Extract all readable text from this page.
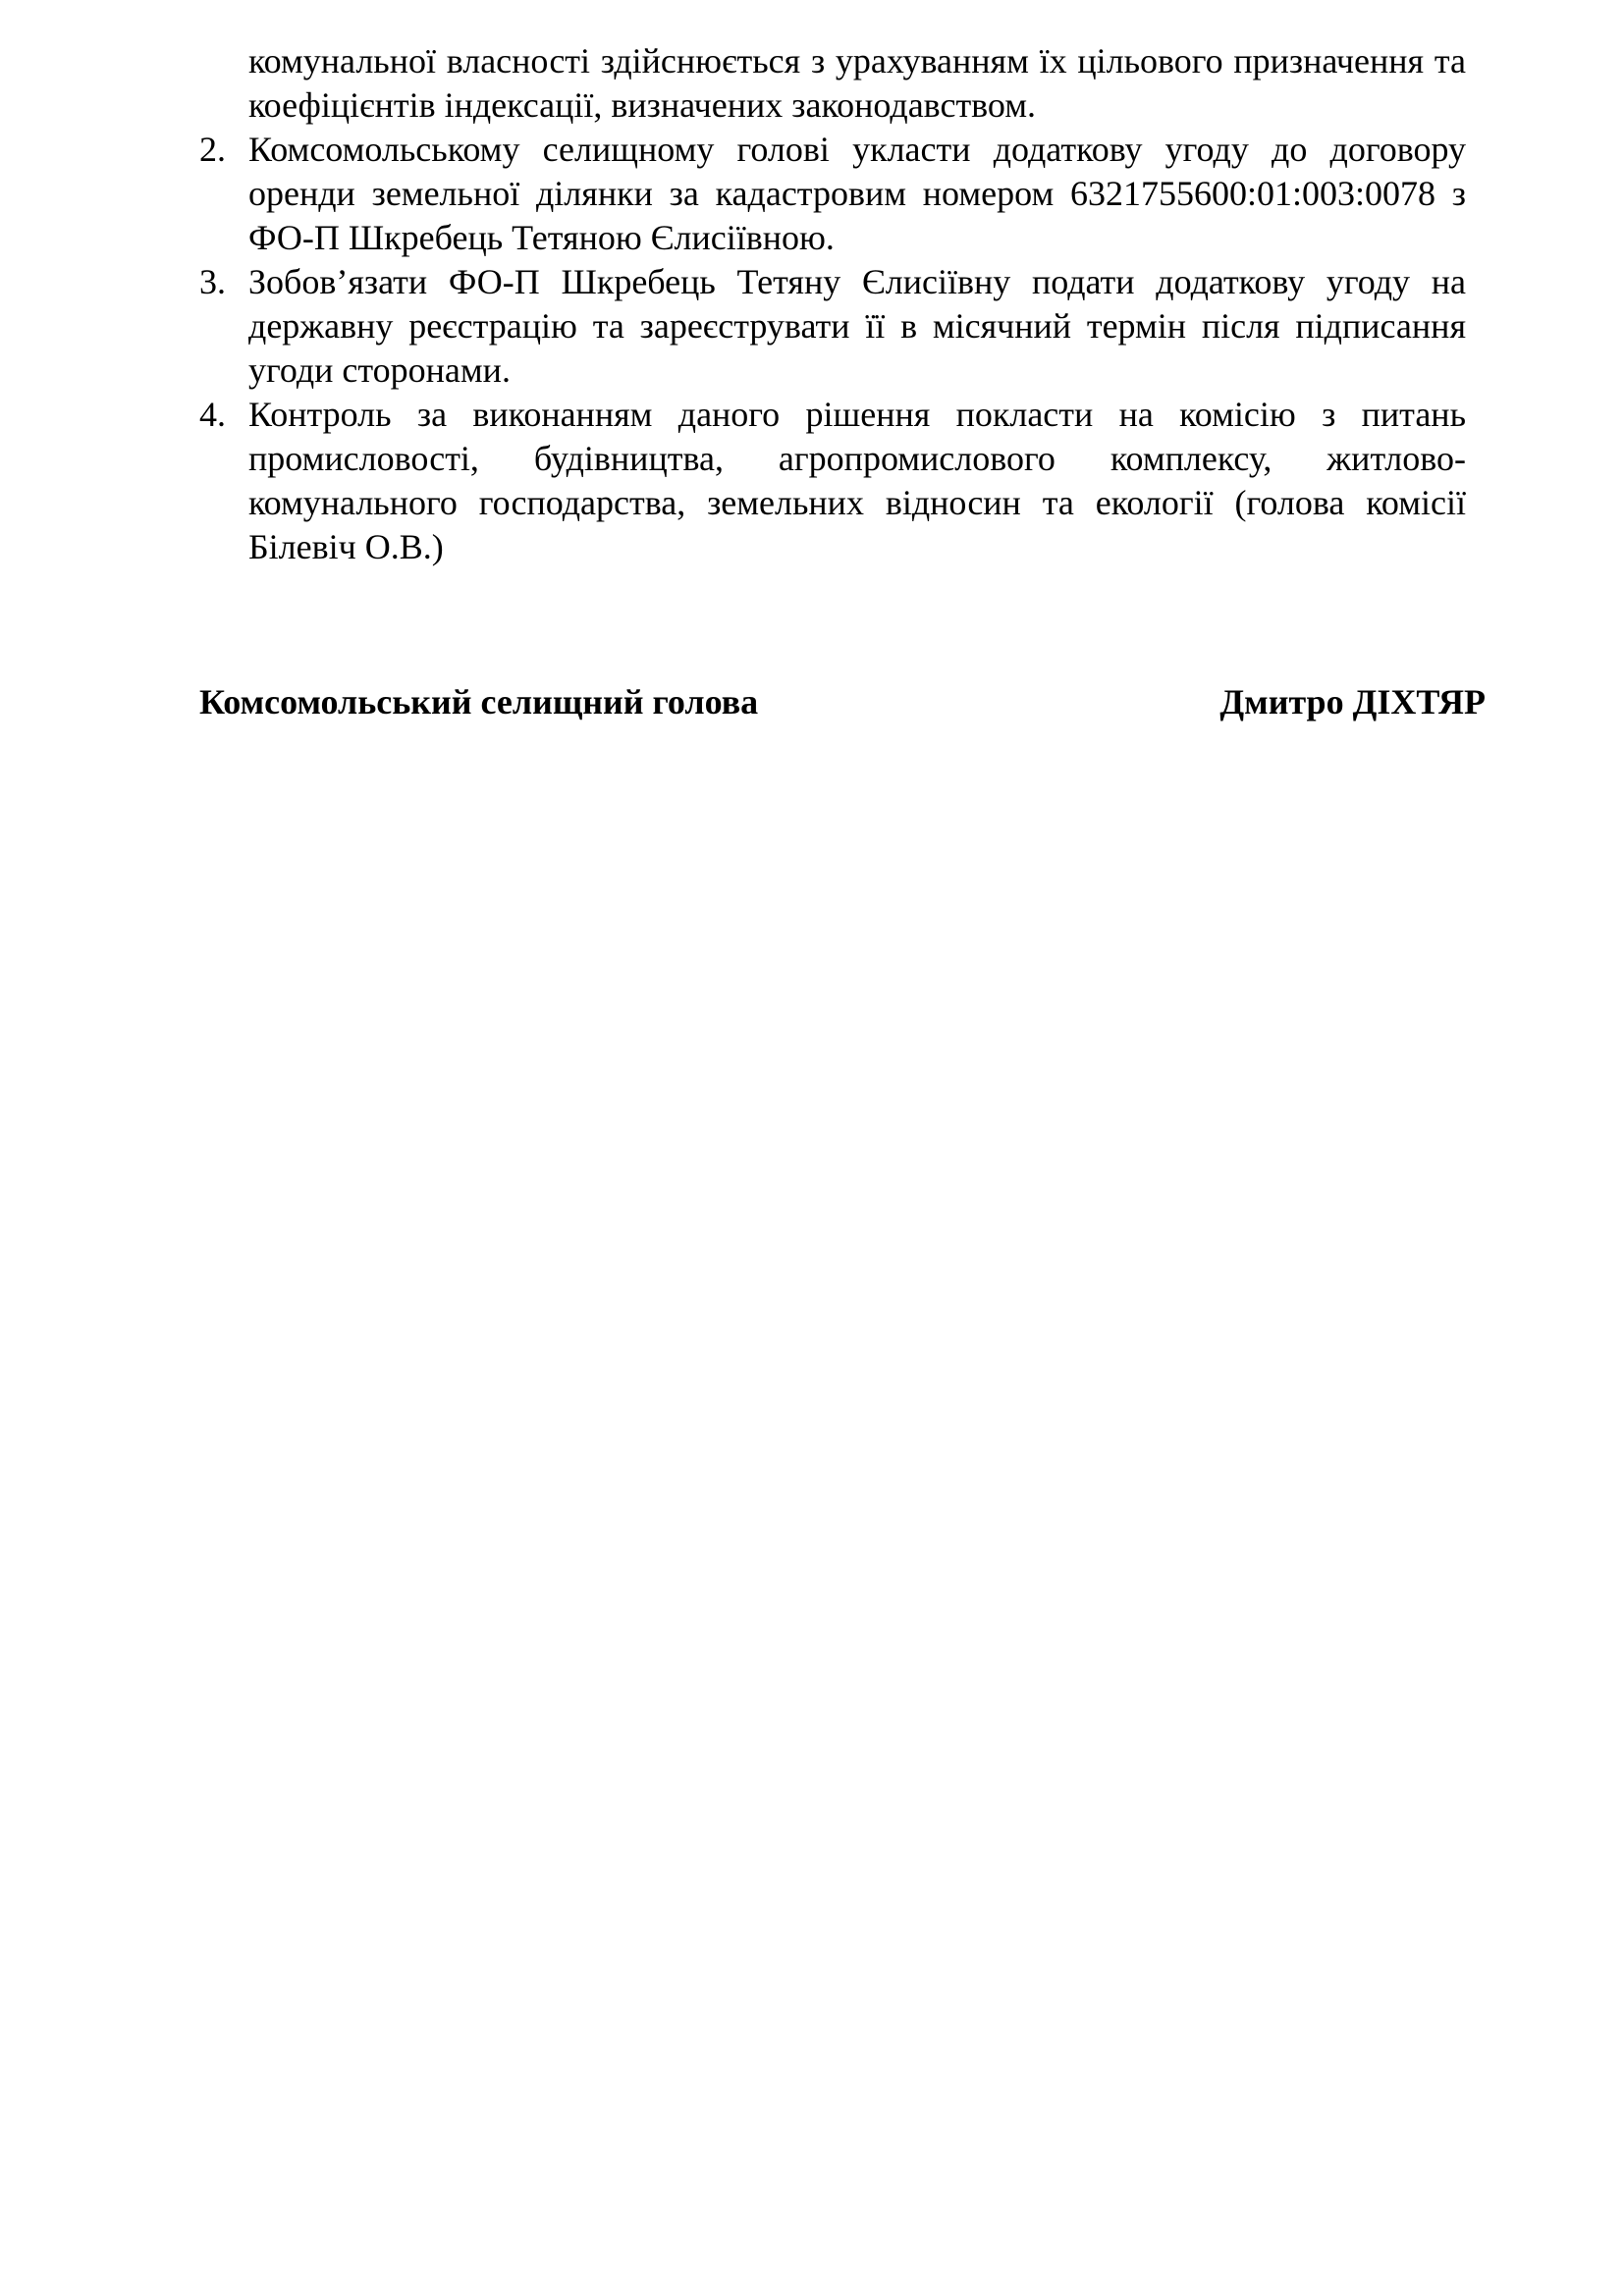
комунальної власності здійснюється з урахуванням їх цільового призначення та коефіцієнтів індексації, визначених законодавством.
2. Комсомольському селищному голові укласти додаткову угоду до договору оренди земельної ділянки за кадастровим номером 6321755600:01:003:0078 з ФО-П Шкребець Тетяною Єлисіївною.
3. Зобов’язати ФО-П Шкребець Тетяну Єлисіївну подати додаткову угоду на державну реєстрацію та зареєструвати її в місячний термін після підписання угоди сторонами.
4. Контроль за виконанням даного рішення покласти на комісію з питань промисловості, будівництва, агропромислового комплексу, житлово-комунального господарства, земельних відносин та екології (голова комісії Білевіч О.В.)
Комсомольський селищний голова	Дмитро ДІХТЯР
